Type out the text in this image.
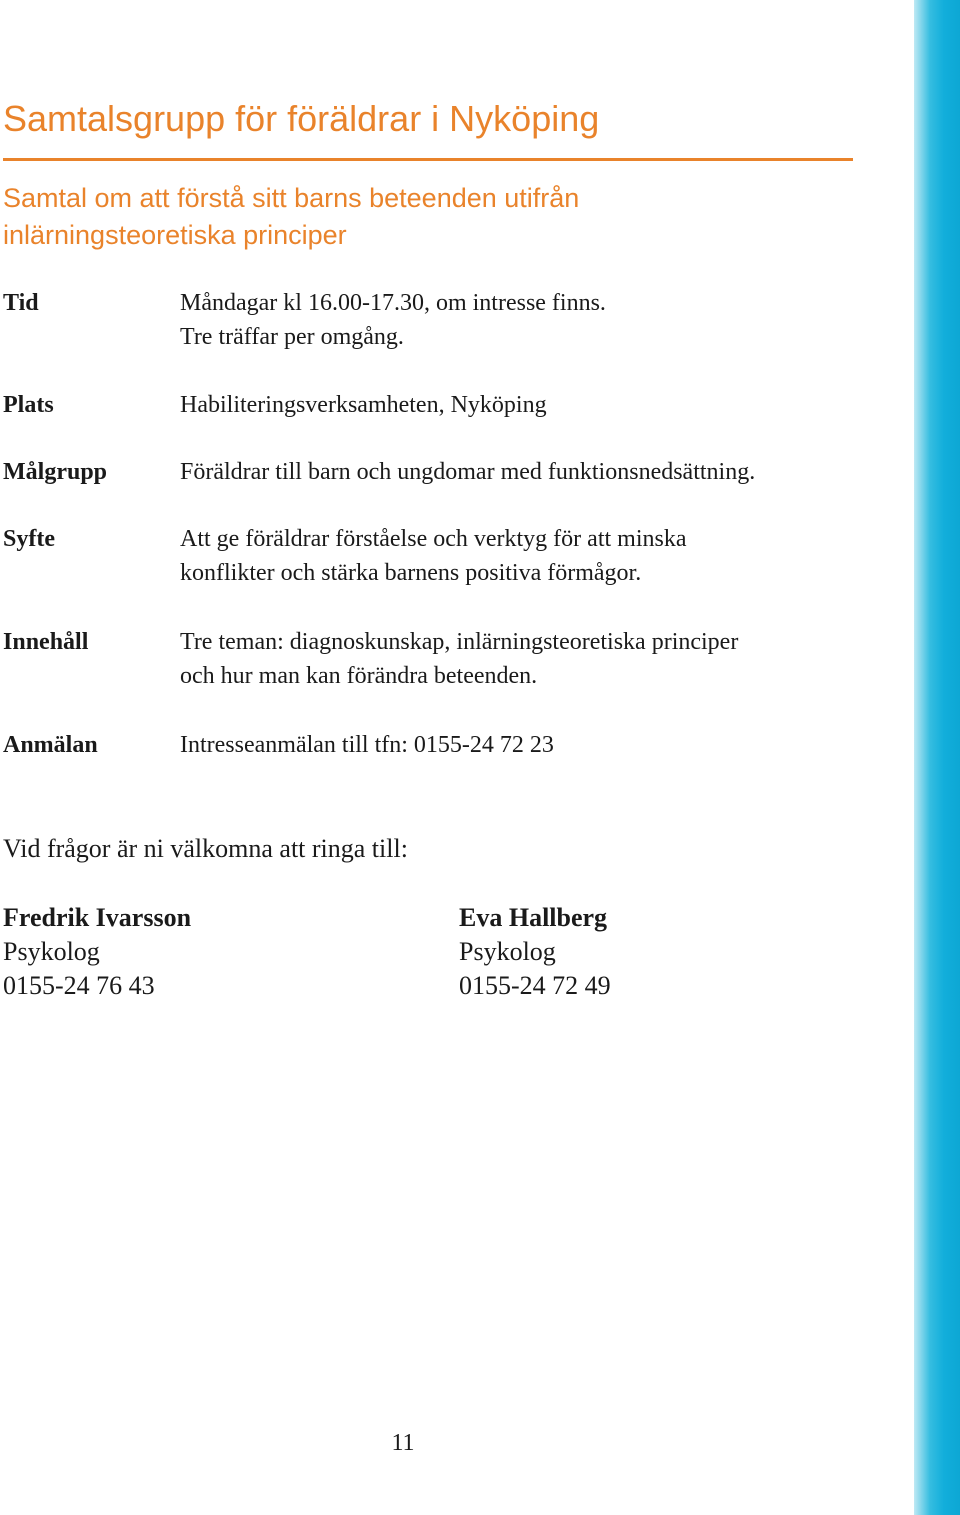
Samtalsgrupp för föräldrar i Nyköping

Samtal om att förstå sitt barns beteenden utifrån
inlärningsteoretiska principer

Tid	Måndagar kl 16.00-17.30, om intresse finns.
Tre träffar per omgång.
Plats	Habiliteringsverksamheten, Nyköping
Målgrupp	Föräldrar till barn och ungdomar med funktionsnedsättning.
Syfte	Att ge föräldrar förståelse och verktyg för att minska
konflikter och stärka barnens positiva förmågor.
Innehåll	Tre teman: diagnoskunskap, inlärningsteoretiska principer
och hur man kan förändra beteenden.
Anmälan	Intresseanmälan till tfn: 0155-24 72 23

Vid frågor är ni välkomna att ringa till:

Fredrik Ivarsson
Psykolog
0155-24 76 43
Eva Hallberg
Psykolog
0155-24 72 49
11
